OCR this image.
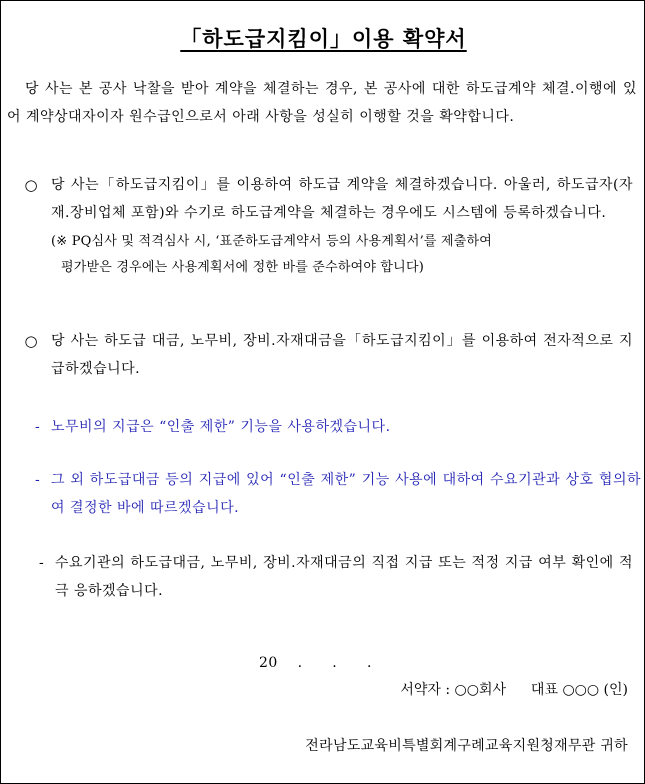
「하도급지킴이」이용 확약서
당 사는 본 공사 낙찰을 받아 계약을 체결하는 경우, 본 공사에 대한 하도급계약 체결.이행에 있어 계약상대자이자 원수급인으로서 아래 사항을 성실히 이행할 것을 확약합니다.
○ 당 사는「하도급지킴이」를 이용하여 하도급 계약을 체결하겠습니다. 아울러, 하도급자(자재.장비업체 포함)와 수기로 하도급계약을 체결하는 경우에도 시스템에 등록하겠습니다.
(※ PQ심사 및 적격심사 시, ‘표준하도급계약서 등의 사용계획서’를 제출하여
평가받은 경우에는 사용계획서에 정한 바를 준수하여야 합니다)
○ 당 사는 하도급 대금, 노무비, 장비.자재대금을「하도급지킴이」를 이용하여 전자적으로 지급하겠습니다.
- 노무비의 지급은 “인출 제한” 기능을 사용하겠습니다.
- 그 외 하도급대금 등의 지급에 있어 “인출 제한” 기능 사용에 대하여 수요기관과 상호 협의하여 결정한 바에 따르겠습니다.
- 수요기관의 하도급대금, 노무비, 장비.자재대금의 직접 지급 또는 적정 지급 여부 확인에 적극 응하겠습니다.
20 .      .      .
서약자 : ○○회사 대표 ○○○ (인)
전라남도교육비특별회계구례교육지원청재무관 귀하
